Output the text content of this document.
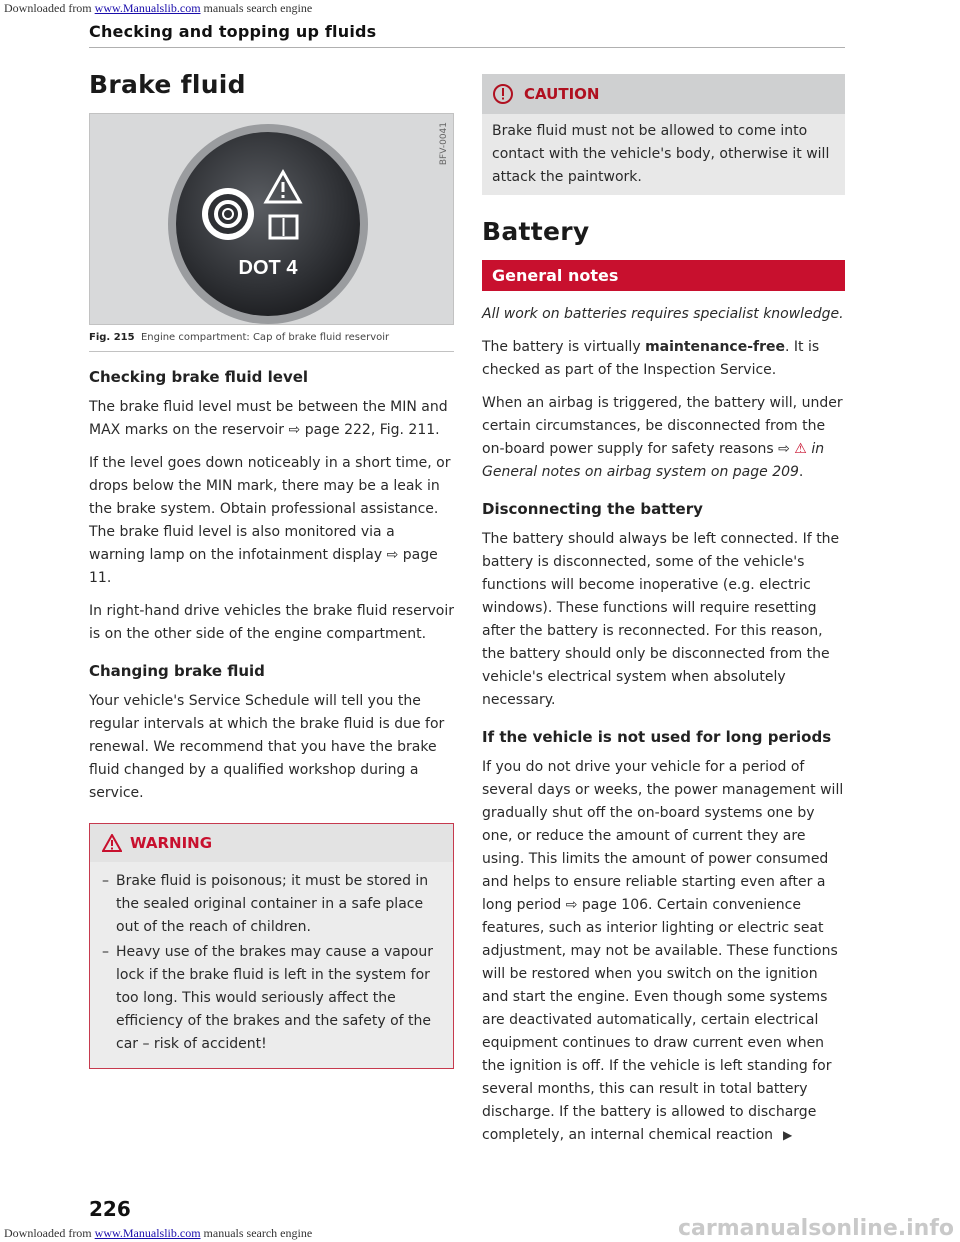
Downloaded from www.Manualslib.com manuals search engine
Checking and topping up fluids
Brake fluid
BFV-0041
DOT 4
Fig. 215 Engine compartment: Cap of brake fluid reservoir
Checking brake fluid level

The brake fluid level must be between the MIN and MAX marks on the reservoir ⇨ page 222, Fig. 211.

If the level goes down noticeably in a short time, or drops below the MIN mark, there may be a leak in the brake system. Obtain professional assistance. The brake fluid level is also monitored via a warning lamp on the infotainment display ⇨ page 11.

In right-hand drive vehicles the brake fluid reservoir is on the other side of the engine compartment.

Changing brake fluid

Your vehicle's Service Schedule will tell you the regular intervals at which the brake fluid is due for renewal. We recommend that you have the brake fluid changed by a qualified workshop during a service.

WARNING
– Brake fluid is poisonous; it must be stored in the sealed original container in a safe place out of the reach of children.
– Heavy use of the brakes may cause a vapour lock if the brake fluid is left in the system for too long. This would seriously affect the efficiency of the brakes and the safety of the car – risk of accident!
CAUTION
Brake fluid must not be allowed to come into contact with the vehicle's body, otherwise it will attack the paintwork.
Battery
General notes

All work on batteries requires specialist knowledge.

The battery is virtually maintenance-free. It is checked as part of the Inspection Service.

When an airbag is triggered, the battery will, under certain circumstances, be disconnected from the on-board power supply for safety reasons ⇨ ⚠ in General notes on airbag system on page 209.

Disconnecting the battery

The battery should always be left connected. If the battery is disconnected, some of the vehicle's functions will become inoperative (e.g. electric windows). These functions will require resetting after the battery is reconnected. For this reason, the battery should only be disconnected from the vehicle's electrical system when absolutely necessary.

If the vehicle is not used for long periods

If you do not drive your vehicle for a period of several days or weeks, the power management will gradually shut off the on-board systems one by one, or reduce the amount of current they are using. This limits the amount of power consumed and helps to ensure reliable starting even after a long period ⇨ page 106. Certain convenience features, such as interior lighting or electric seat adjustment, may not be available. These functions will be restored when you switch on the ignition and start the engine. Even though some systems are deactivated automatically, certain electrical equipment continues to draw current even when the ignition is off. If the vehicle is left standing for several months, this can result in total battery discharge. If the battery is allowed to discharge completely, an internal chemical reaction ▶

226
Downloaded from www.Manualslib.com manuals search engine	carmanualsonline.info
